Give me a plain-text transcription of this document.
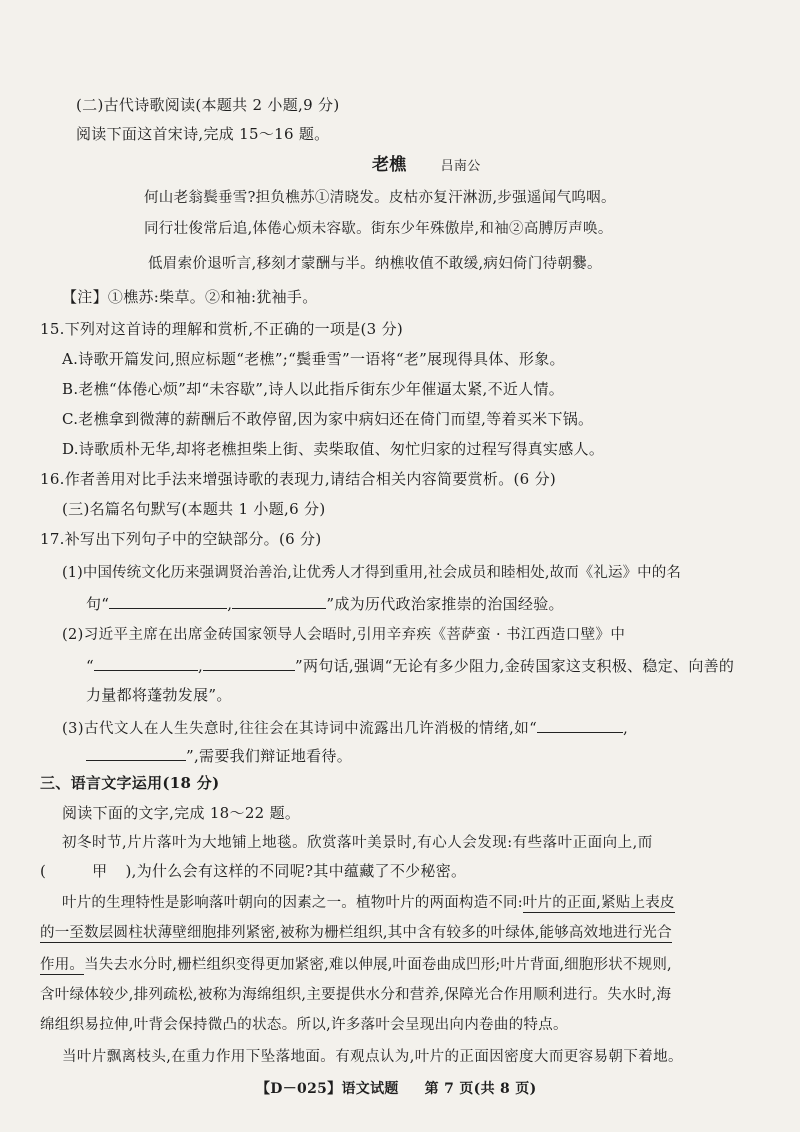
(二)古代诗歌阅读(本题共 2 小题,9 分)
阅读下面这首宋诗,完成 15～16 题。
老樵	吕南公
何山老翁鬓垂雪?担负樵苏①清晓发。皮枯亦复汗淋沥,步强遥闻气呜咽。
同行壮俊常后追,体倦心烦未容歇。街东少年殊傲岸,和袖②高膊厉声唤。
低眉索价退听言,移刻才蒙酬与半。纳樵收值不敢缓,病妇倚门待朝爨。
【注】①樵苏:柴草。②和袖:犹袖手。
15.下列对这首诗的理解和赏析,不正确的一项是(3 分)
A.诗歌开篇发问,照应标题“老樵”;“鬓垂雪”一语将“老”展现得具体、形象。
B.老樵“体倦心烦”却“未容歇”,诗人以此指斥街东少年催逼太紧,不近人情。
C.老樵拿到微薄的薪酬后不敢停留,因为家中病妇还在倚门而望,等着买米下锅。
D.诗歌质朴无华,却将老樵担柴上街、卖柴取值、匆忙归家的过程写得真实感人。
16.作者善用对比手法来增强诗歌的表现力,请结合相关内容简要赏析。(6 分)
(三)名篇名句默写(本题共 1 小题,6 分)
17.补写出下列句子中的空缺部分。(6 分)
(1)中国传统文化历来强调贤治善治,让优秀人才得到重用,社会成员和睦相处,故而《礼运》中的名
句“	,	”成为历代政治家推崇的治国经验。
(2)习近平主席在出席金砖国家领导人会晤时,引用辛弃疾《菩萨蛮 · 书江西造口壁》中
“	,	”两句话,强调“无论有多少阻力,金砖国家这支积极、稳定、向善的
力量都将蓬勃发展”。
(3)古代文人在人生失意时,往往会在其诗词中流露出几许消极的情绪,如“	,
”,需要我们辩证地看待。
三、语言文字运用(18 分)
阅读下面的文字,完成 18～22 题。
初冬时节,片片落叶为大地铺上地毯。欣赏落叶美景时,有心人会发现:有些落叶正面向上,而
(	甲 ),为什么会有这样的不同呢?其中蕴藏了不少秘密。
叶片的生理特性是影响落叶朝向的因素之一。植物叶片的两面构造不同:叶片的正面,紧贴上表皮
的一至数层圆柱状薄壁细胞排列紧密,被称为栅栏组织,其中含有较多的叶绿体,能够高效地进行光合
作用。当失去水分时,栅栏组织变得更加紧密,难以伸展,叶面卷曲成凹形;叶片背面,细胞形状不规则,
含叶绿体较少,排列疏松,被称为海绵组织,主要提供水分和营养,保障光合作用顺利进行。失水时,海
绵组织易拉伸,叶背会保持微凸的状态。所以,许多落叶会呈现出向内卷曲的特点。
当叶片飘离枝头,在重力作用下坠落地面。有观点认为,叶片的正面因密度大而更容易朝下着地。
【D－025】语文试题 第 7 页(共 8 页)
